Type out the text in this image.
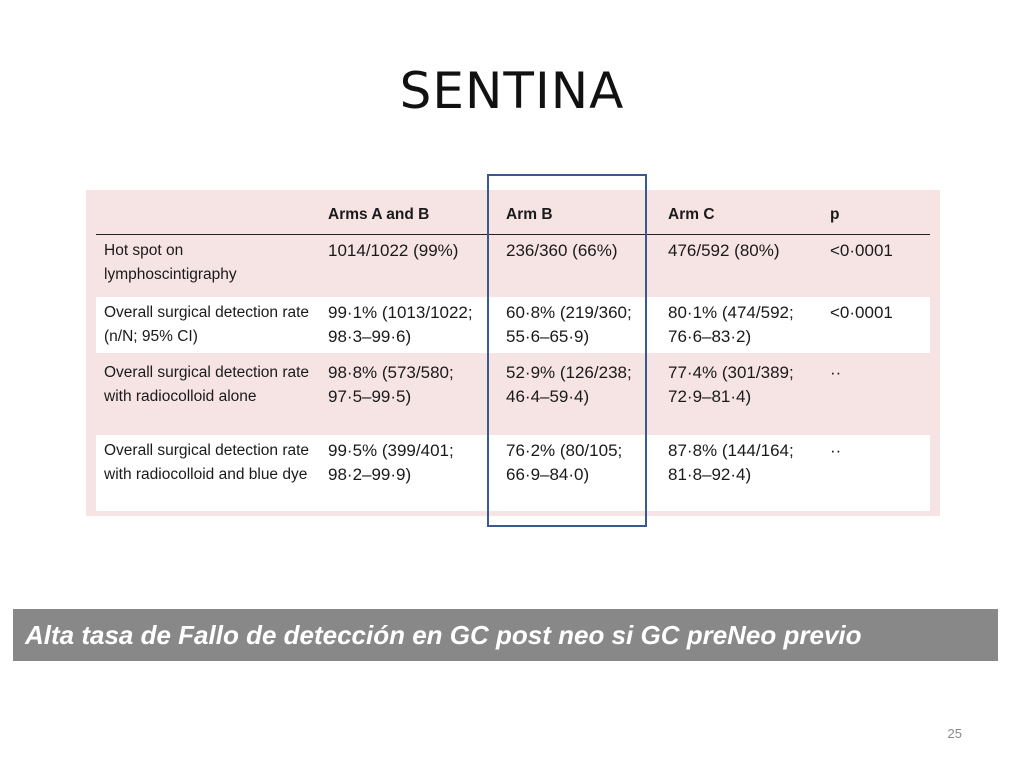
SENTINA
	Arms A and B	Arm B	Arm C	p
Hot spot on lymphoscintigraphy	1014/1022 (99%)	236/360 (66%)	476/592 (80%)	<0·0001
Overall surgical detection rate (n/N; 95% CI)	99·1% (1013/1022; 98·3–99·6)	60·8% (219/360; 55·6–65·9)	80·1% (474/592; 76·6–83·2)	<0·0001
Overall surgical detection rate with radiocolloid alone	98·8% (573/580; 97·5–99·5)	52·9% (126/238; 46·4–59·4)	77·4% (301/389; 72·9–81·4)	··
Overall surgical detection rate with radiocolloid and blue dye	99·5% (399/401; 98·2–99·9)	76·2% (80/105; 66·9–84·0)	87·8% (144/164; 81·8–92·4)	··
Alta tasa de Fallo de detección en GC post neo si GC preNeo previo
25
